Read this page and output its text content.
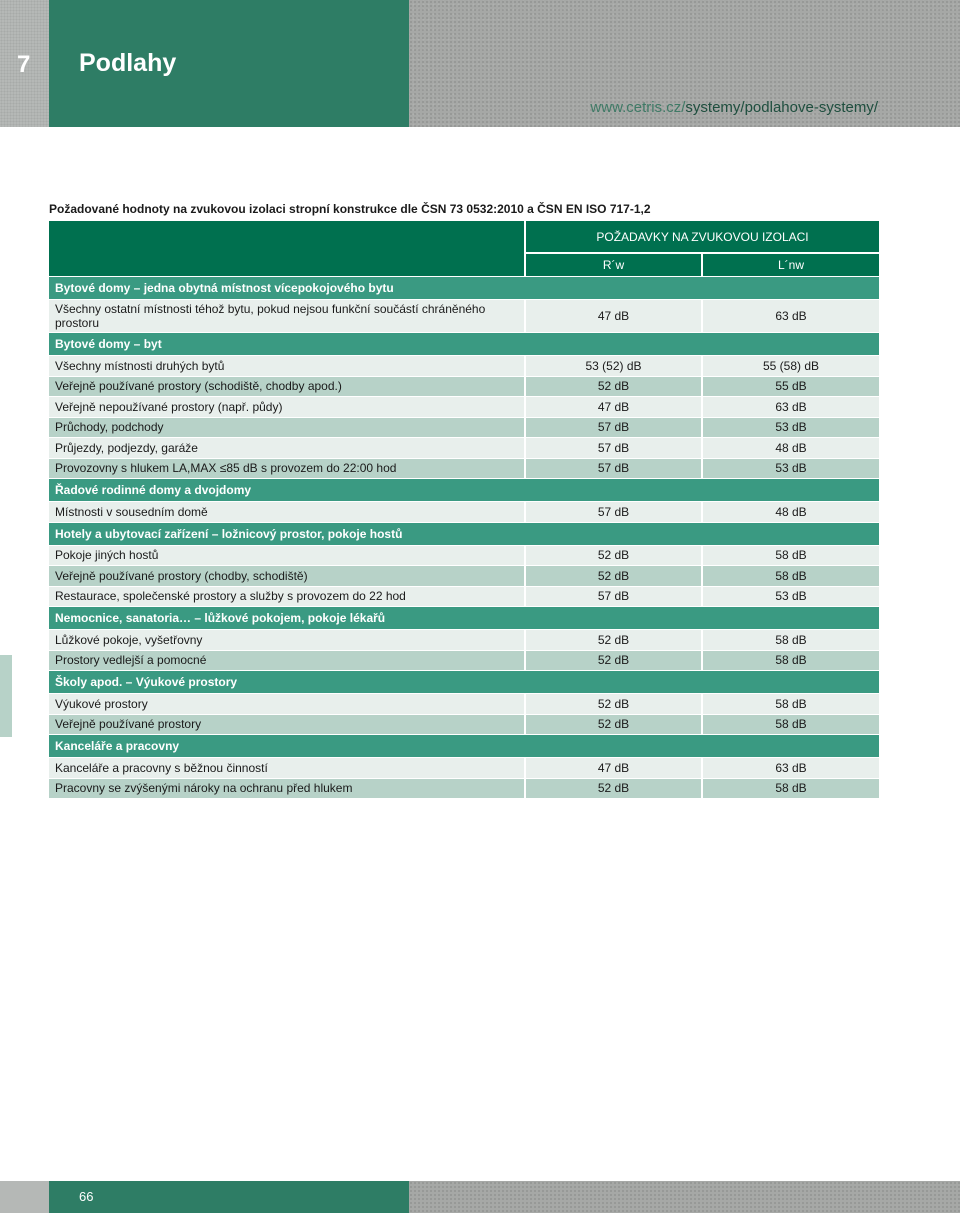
7 Podlahy
www.cetris.cz/systemy/podlahove-systemy/
Požadované hodnoty na zvukovou izolaci stropní konstrukce dle ČSN 73 0532:2010 a ČSN EN ISO 717-1,2
POŽADAVKY NA ZVUKOVOU IZOLACI
R´w	L´nw
Bytové domy – jedna obytná místnost vícepokojového bytu
Všechny ostatní místnosti téhož bytu, pokud nejsou funkční součástí chráněného prostoru	47 dB	63 dB
Bytové domy – byt
Všechny místnosti druhých bytů	53 (52) dB	55 (58) dB
Veřejně používané prostory (schodiště, chodby apod.)	52 dB	55 dB
Veřejně nepoužívané prostory (např. půdy)	47 dB	63 dB
Průchody, podchody	57 dB	53 dB
Průjezdy, podjezdy, garáže	57 dB	48 dB
Provozovny s hlukem LA,MAX ≤85 dB s provozem do 22:00 hod	57 dB	53 dB
Řadové rodinné domy a dvojdomy
Místnosti v sousedním domě	57 dB	48 dB
Hotely a ubytovací zařízení – ložnicový prostor, pokoje hostů
Pokoje jiných hostů	52 dB	58 dB
Veřejně používané prostory (chodby, schodiště)	52 dB	58 dB
Restaurace, společenské prostory a služby s provozem do 22 hod	57 dB	53 dB
Nemocnice, sanatoria… – lůžkové pokojem, pokoje lékařů
Lůžkové pokoje, vyšetřovny	52 dB	58 dB
Prostory vedlejší a pomocné	52 dB	58 dB
Školy apod. – Výukové prostory
Výukové prostory	52 dB	58 dB
Veřejně používané prostory	52 dB	58 dB
Kanceláře a pracovny
Kanceláře a pracovny s běžnou činností	47 dB	63 dB
Pracovny se zvýšenými nároky na ochranu před hlukem	52 dB	58 dB
66
